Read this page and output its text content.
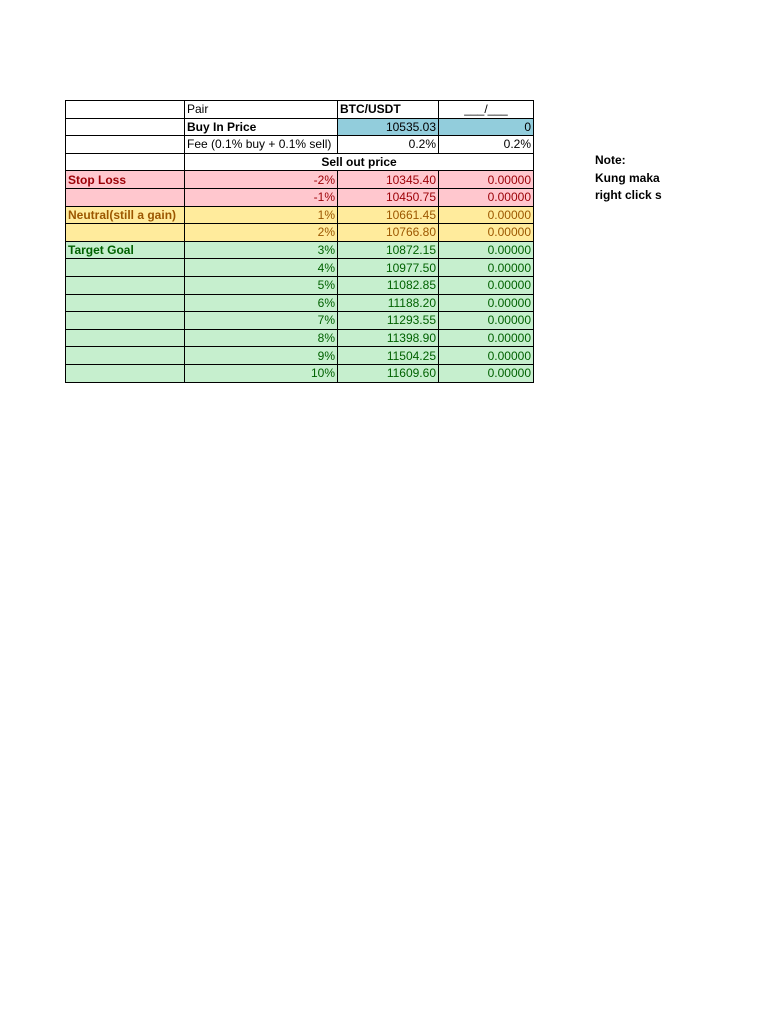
	Pair	BTC/USDT	___/___
	Buy In Price	10535.03	0
	Fee (0.1% buy + 0.1% sell)	0.2%	0.2%
	Sell out price		
Stop Loss	-2%	10345.40	0.00000
	-1%	10450.75	0.00000
Neutral(still a gain)	1%	10661.45	0.00000
	2%	10766.80	0.00000
Target Goal	3%	10872.15	0.00000
	4%	10977.50	0.00000
	5%	11082.85	0.00000
	6%	11188.20	0.00000
	7%	11293.55	0.00000
	8%	11398.90	0.00000
	9%	11504.25	0.00000
	10%	11609.60	0.00000
Note:
Kung maka
right click s
